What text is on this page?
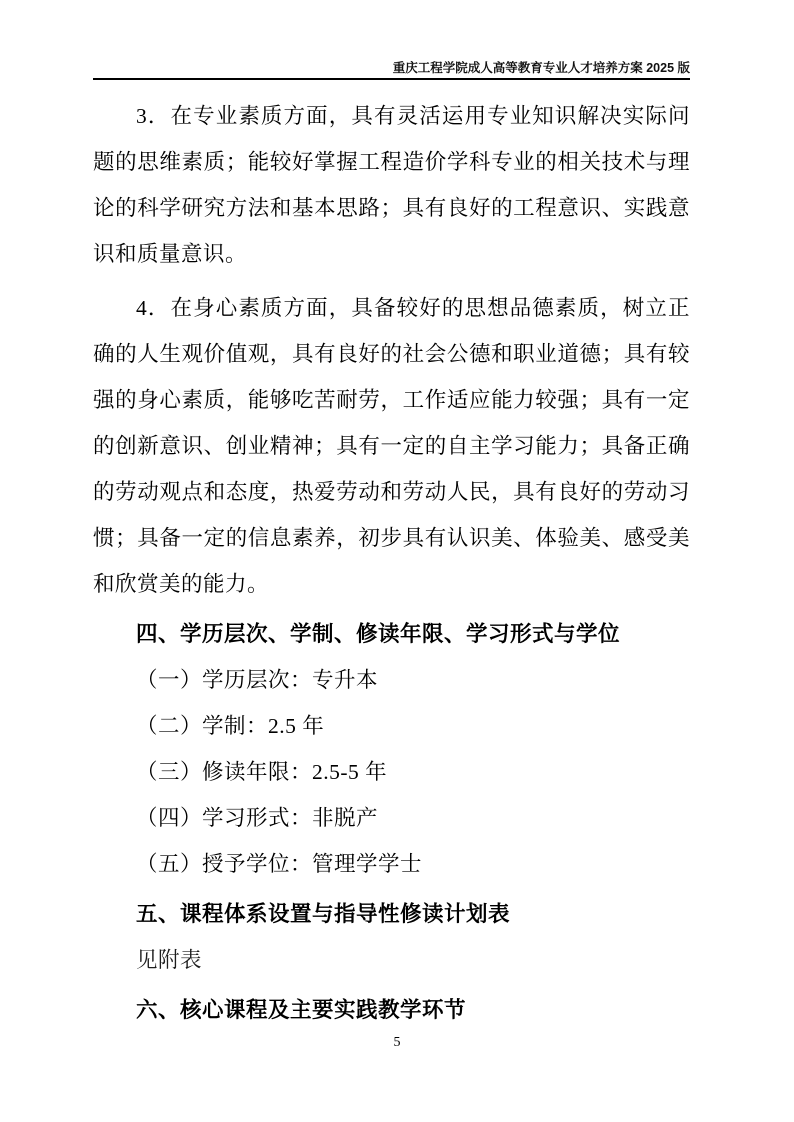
重庆工程学院成人高等教育专业人才培养方案 2025 版

3．在专业素质方面，具有灵活运用专业知识解决实际问题的思维素质；能较好掌握工程造价学科专业的相关技术与理论的科学研究方法和基本思路；具有良好的工程意识、实践意识和质量意识。

4．在身心素质方面，具备较好的思想品德素质，树立正确的人生观价值观，具有良好的社会公德和职业道德；具有较强的身心素质，能够吃苦耐劳，工作适应能力较强；具有一定的创新意识、创业精神；具有一定的自主学习能力；具备正确的劳动观点和态度，热爱劳动和劳动人民，具有良好的劳动习惯；具备一定的信息素养，初步具有认识美、体验美、感受美和欣赏美的能力。

四、学历层次、学制、修读年限、学习形式与学位

（一）学历层次：专升本

（二）学制：2.5 年

（三）修读年限：2.5-5 年

（四）学习形式：非脱产

（五）授予学位：管理学学士

五、课程体系设置与指导性修读计划表

见附表

六、核心课程及主要实践教学环节
5
